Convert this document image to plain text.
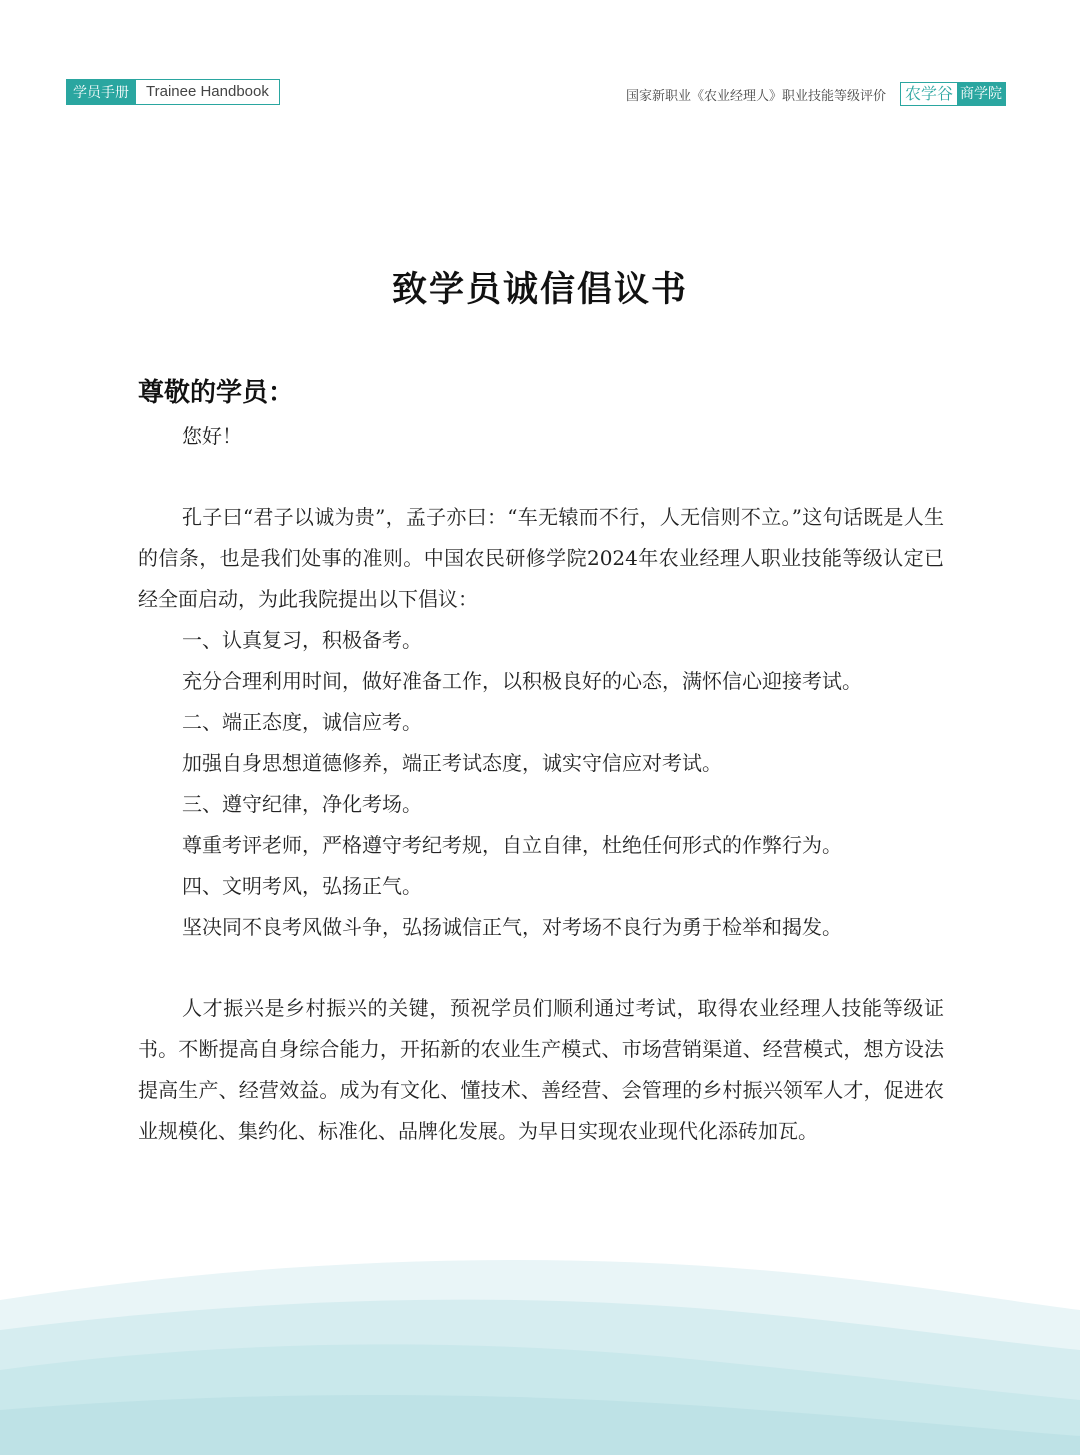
学员手册	Trainee Handbook	国家新职业《农业经理人》职业技能等级评价 农学谷 商学院
致学员诚信倡议书
尊敬的学员：

您好！

孔子曰“君子以诚为贵”，孟子亦曰：“车无辕而不行，人无信则不立。”这句话既是人生的信条，也是我们处事的准则。中国农民研修学院2024年农业经理人职业技能等级认定已经全面启动，为此我院提出以下倡议：

一、认真复习，积极备考。

充分合理利用时间，做好准备工作，以积极良好的心态，满怀信心迎接考试。

二、端正态度，诚信应考。

加强自身思想道德修养，端正考试态度，诚实守信应对考试。

三、遵守纪律，净化考场。

尊重考评老师，严格遵守考纪考规，自立自律，杜绝任何形式的作弊行为。

四、文明考风，弘扬正气。

坚决同不良考风做斗争，弘扬诚信正气，对考场不良行为勇于检举和揭发。

人才振兴是乡村振兴的关键，预祝学员们顺利通过考试，取得农业经理人技能等级证书。不断提高自身综合能力，开拓新的农业生产模式、市场营销渠道、经营模式，想方设法提高生产、经营效益。成为有文化、懂技术、善经营、会管理的乡村振兴领军人才，促进农业规模化、集约化、标准化、品牌化发展。为早日实现农业现代化添砖加瓦。
